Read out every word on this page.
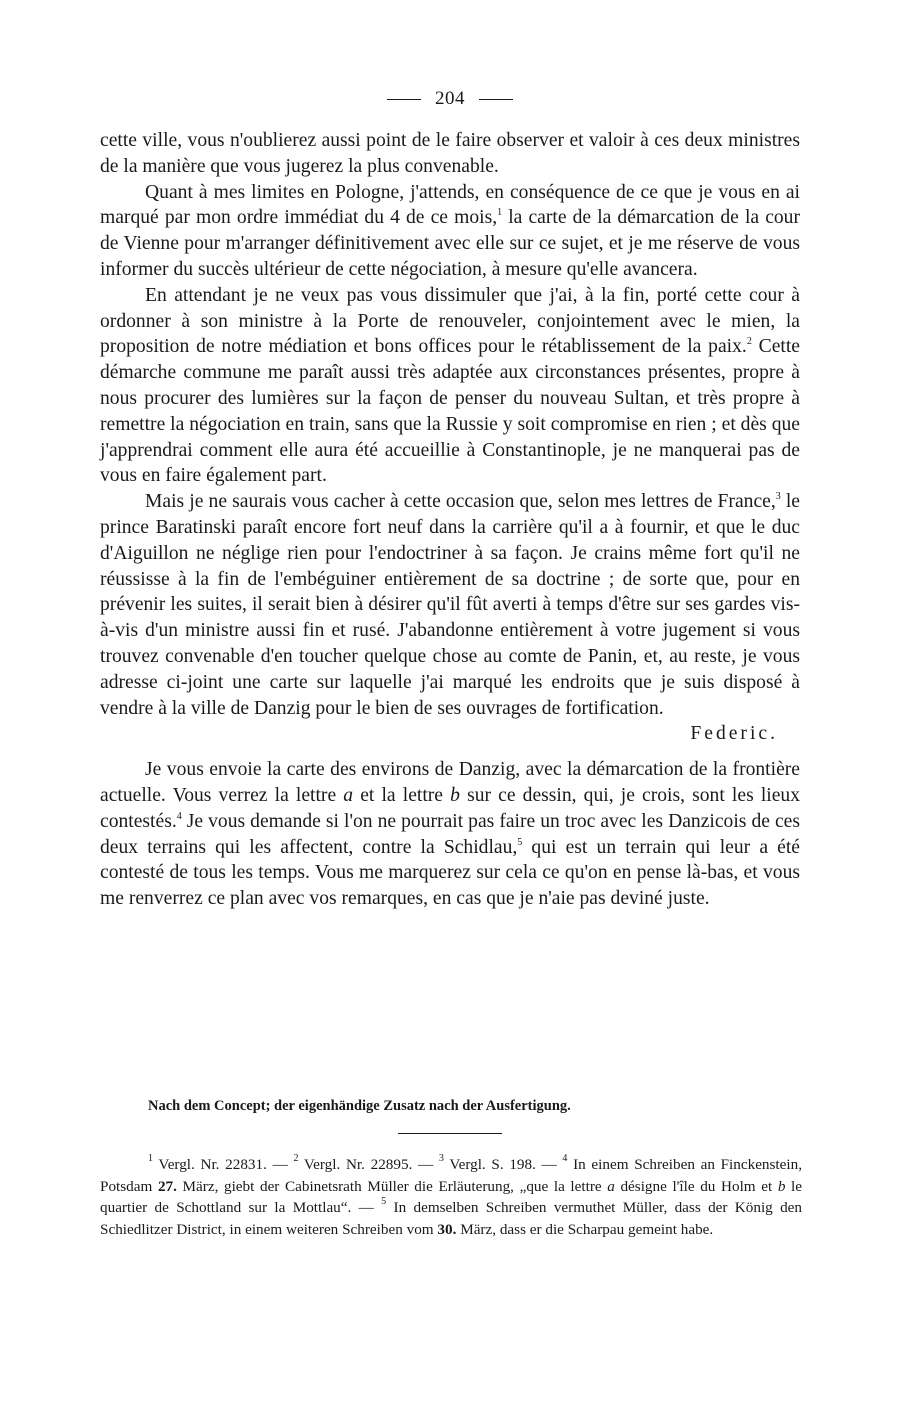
204

cette ville, vous n'oublierez aussi point de le faire observer et valoir à ces deux ministres de la manière que vous jugerez la plus convenable.

Quant à mes limites en Pologne, j'attends, en conséquence de ce que je vous en ai marqué par mon ordre immédiat du 4 de ce mois,$^1$ la carte de la démarcation de la cour de Vienne pour m'arranger définitivement avec elle sur ce sujet, et je me réserve de vous informer du succès ultérieur de cette négociation, à mesure qu'elle avancera.

En attendant je ne veux pas vous dissimuler que j'ai, à la fin, porté cette cour à ordonner à son ministre à la Porte de renouveler, conjointement avec le mien, la proposition de notre médiation et bons offices pour le rétablissement de la paix.$^2$ Cette démarche commune me paraît aussi très adaptée aux circonstances présentes, propre à nous procurer des lumières sur la façon de penser du nouveau Sultan, et très propre à remettre la négociation en train, sans que la Russie y soit compromise en rien ; et dès que j'apprendrai comment elle aura été accueillie à Constantinople, je ne manquerai pas de vous en faire également part.

Mais je ne saurais vous cacher à cette occasion que, selon mes lettres de France,$^3$ le prince Baratinski paraît encore fort neuf dans la carrière qu'il a à fournir, et que le duc d'Aiguillon ne néglige rien pour l'endoctriner à sa façon. Je crains même fort qu'il ne réussisse à la fin de l'embéguiner entièrement de sa doctrine ; de sorte que, pour en prévenir les suites, il serait bien à désirer qu'il fût averti à temps d'être sur ses gardes vis-à-vis d'un ministre aussi fin et rusé. J'abandonne entièrement à votre jugement si vous trouvez convenable d'en toucher quelque chose au comte de Panin, et, au reste, je vous adresse ci-joint une carte sur laquelle j'ai marqué les endroits que je suis disposé à vendre à la ville de Danzig pour le bien de ses ouvrages de fortification.

Federic.

Je vous envoie la carte des environs de Danzig, avec la démarcation de la frontière actuelle. Vous verrez la lettre a et la lettre b sur ce dessin, qui, je crois, sont les lieux contestés.$^4$ Je vous demande si l'on ne pourrait pas faire un troc avec les Danzicois de ces deux terrains qui les affectent, contre la Schidlau,$^5$ qui est un terrain qui leur a été contesté de tous les temps. Vous me marquerez sur cela ce qu'on en pense là-bas, et vous me renverrez ce plan avec vos remarques, en cas que je n'aie pas deviné juste.

Nach dem Concept; der eigenhändige Zusatz nach der Ausfertigung.

$^1$ Vergl. Nr. 22831. — $^2$ Vergl. Nr. 22895. — $^3$ Vergl. S. 198. — $^4$ In einem Schreiben an Finckenstein, Potsdam 27. März, giebt der Cabinetsrath Müller die Erläuterung, „que la lettre a désigne l'île du Holm et b le quartier de Schottland sur la Mottlau“. — $^5$ In demselben Schreiben vermuthet Müller, dass der König den Schiedlitzer District, in einem weiteren Schreiben vom 30. März, dass er die Scharpau gemeint habe.
